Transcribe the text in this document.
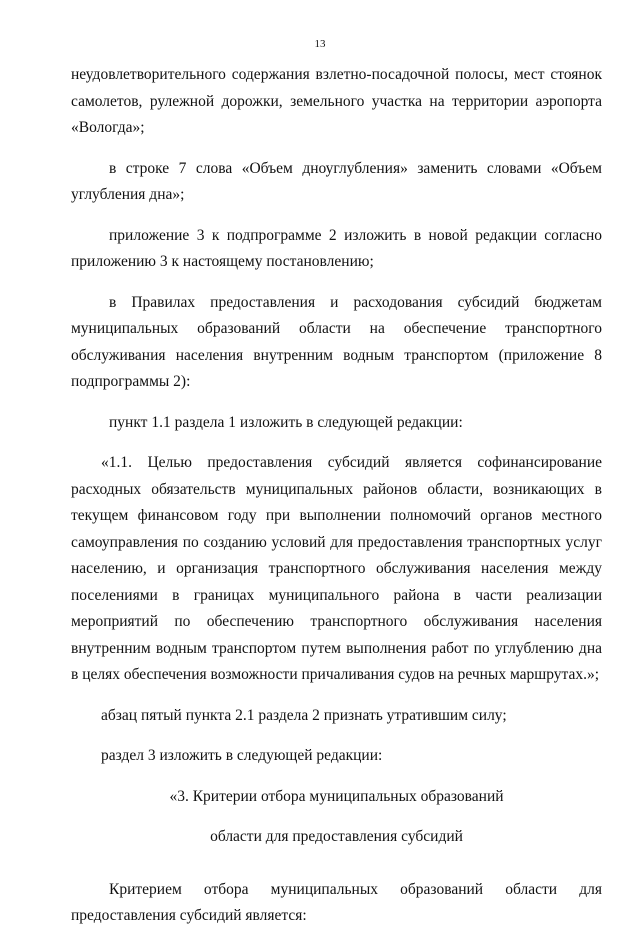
13

неудовлетворительного содержания взлетно-посадочной полосы, мест стоянок самолетов, рулежной дорожки, земельного участка на территории аэропорта «Вологда»;

в строке 7 слова «Объем дноуглубления» заменить словами «Объем углубления дна»;

приложение 3 к подпрограмме 2 изложить в новой редакции согласно приложению 3 к настоящему постановлению;

в Правилах предоставления и расходования субсидий бюджетам муниципальных образований области на обеспечение транспортного обслуживания населения внутренним водным транспортом (приложение 8 подпрограммы 2):

пункт 1.1 раздела 1 изложить в следующей редакции:

«1.1. Целью предоставления субсидий является софинансирование расходных обязательств муниципальных районов области, возникающих в текущем финансовом году при выполнении полномочий органов местного самоуправления по созданию условий для предоставления транспортных услуг населению, и организация транспортного обслуживания населения между поселениями в границах муниципального района в части реализации мероприятий по обеспечению транспортного обслуживания населения внутренним водным транспортом путем выполнения работ по углублению дна в целях обеспечения возможности причаливания судов на речных маршрутах.»;

абзац пятый пункта 2.1 раздела 2 признать утратившим силу;

раздел 3 изложить в следующей редакции:

«3. Критерии отбора муниципальных образований

области для предоставления субсидий

Критерием отбора муниципальных образований области для предоставления субсидий является:
